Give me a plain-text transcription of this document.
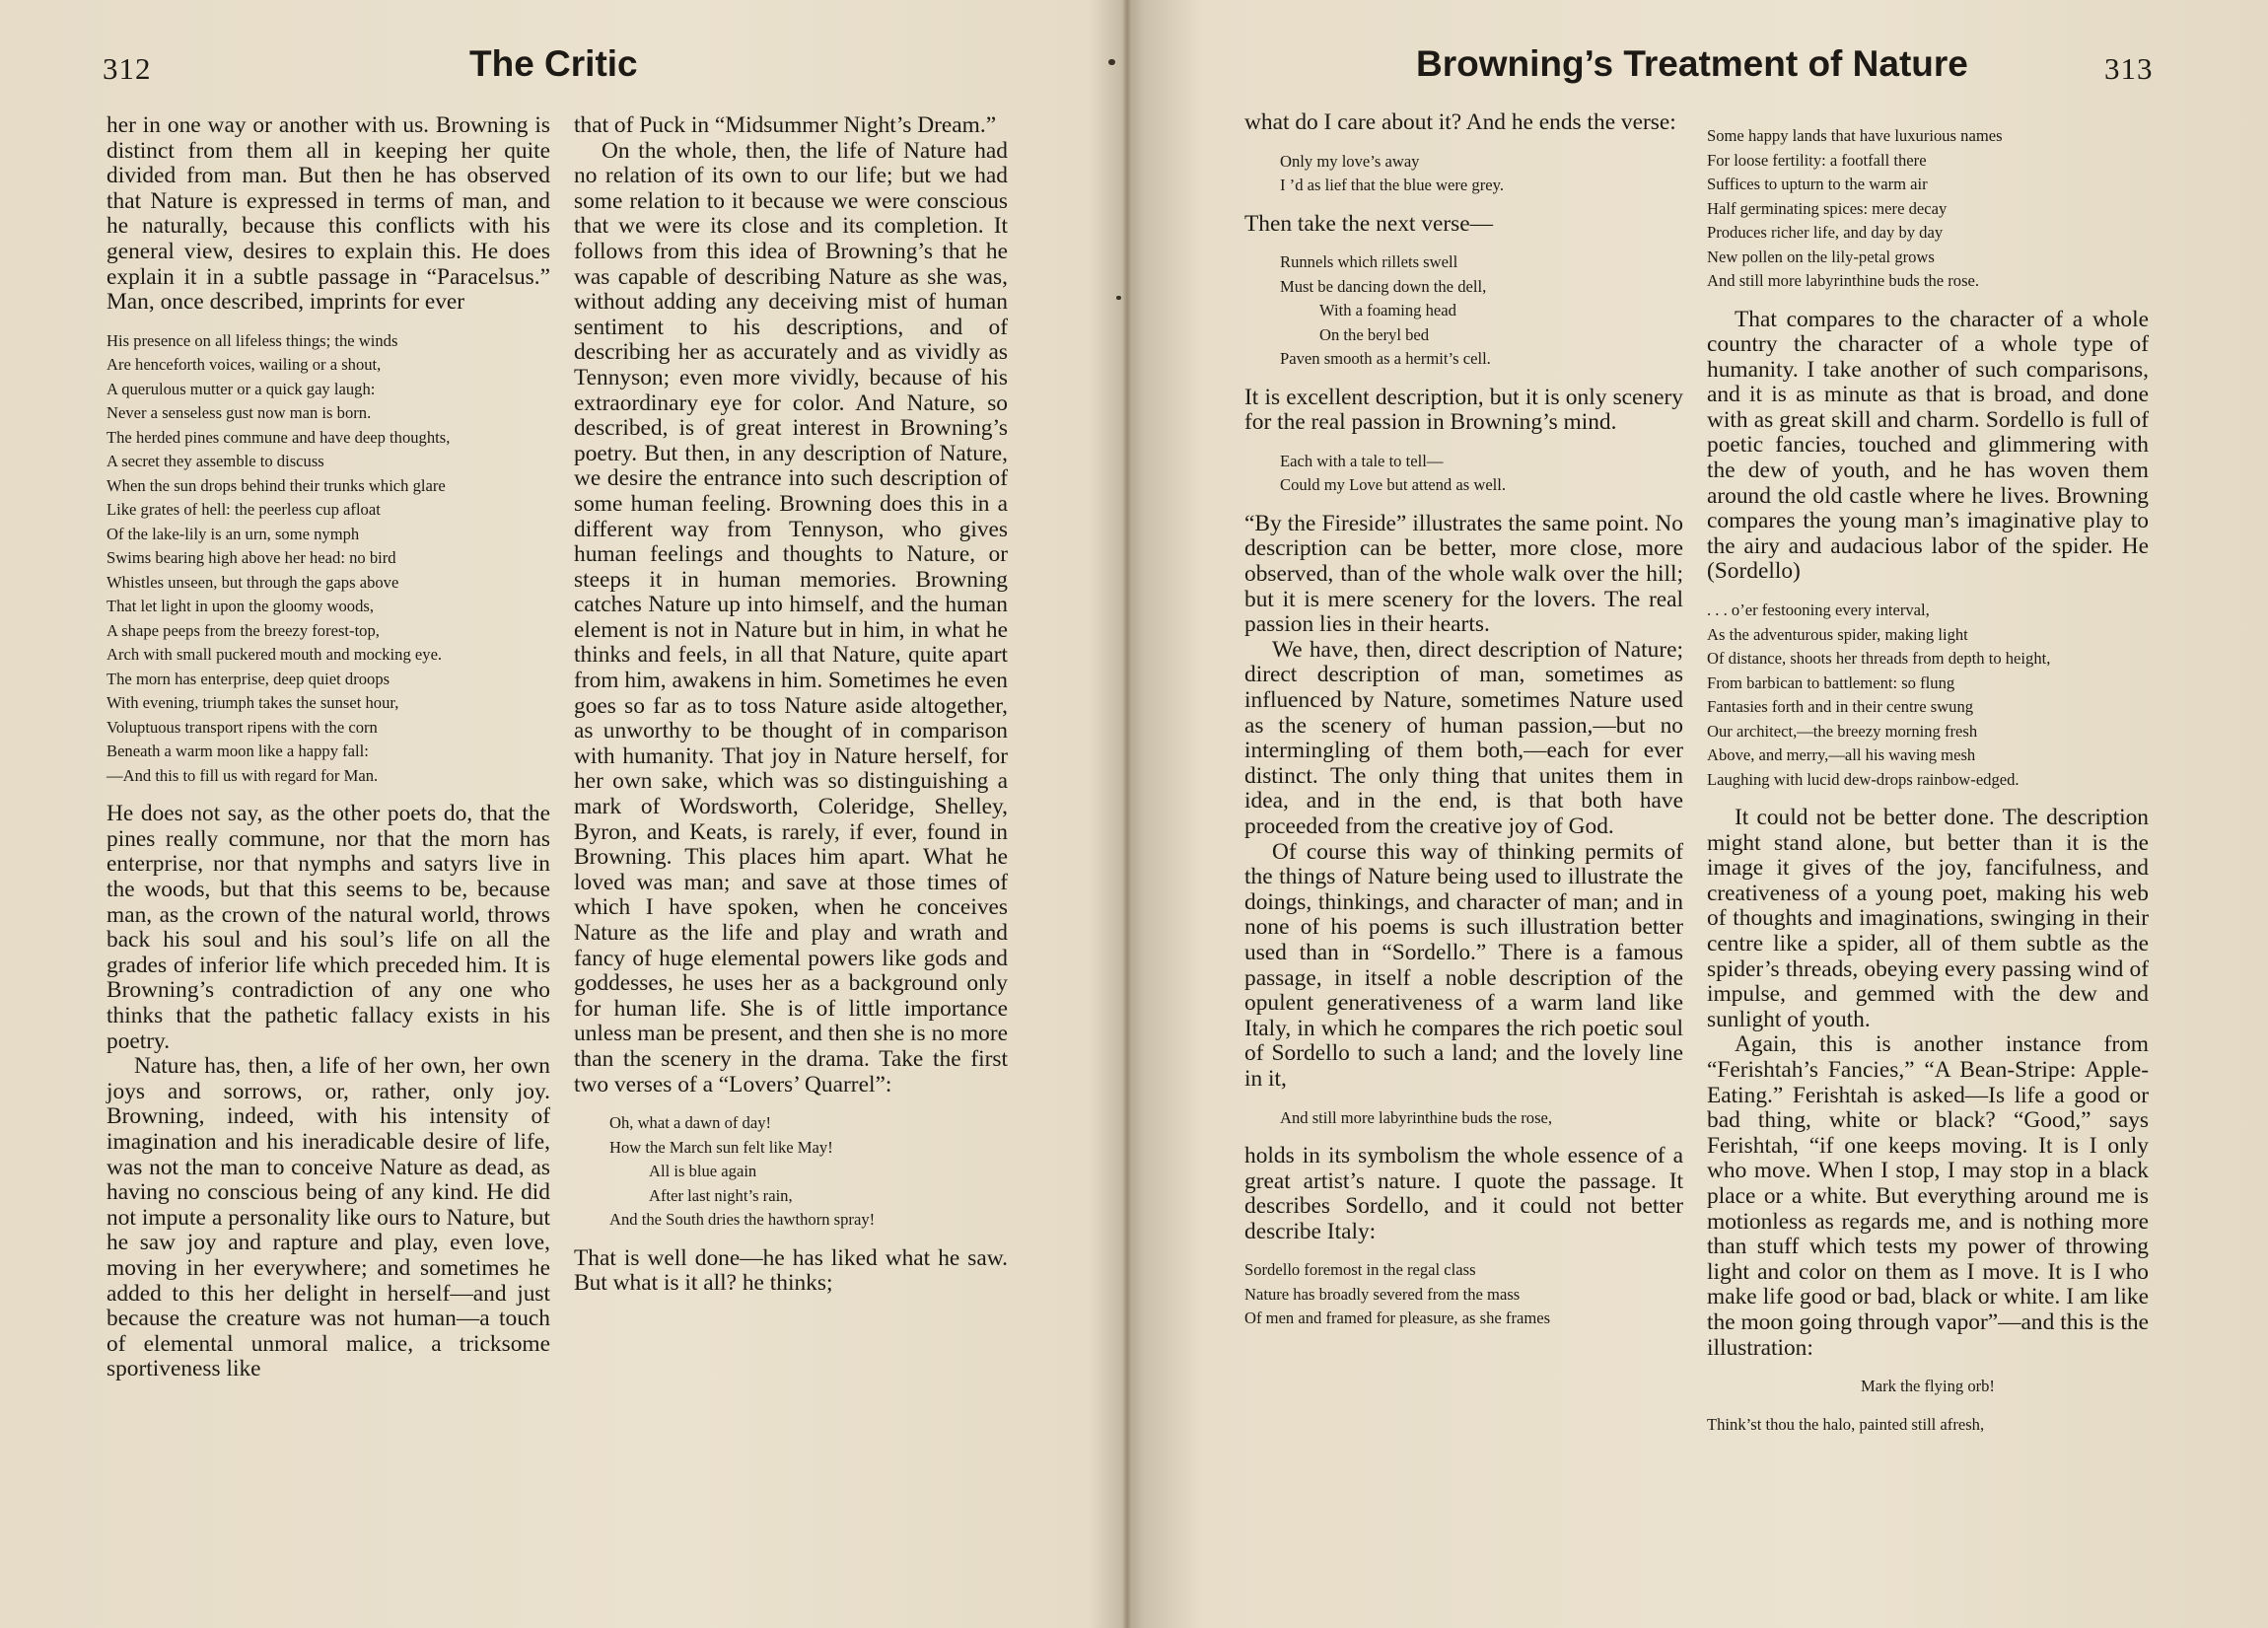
312	The Critic	Browning’s Treatment of Nature	313

her in one way or another with us. Browning is distinct from them all in keeping her quite divided from man. But then he has observed that Nature is expressed in terms of man, and he naturally, because this conflicts with his general view, desires to explain this. He does explain it in a subtle passage in “Paracelsus.” Man, once described, imprints for ever

His presence on all lifeless things; the winds
Are henceforth voices, wailing or a shout,
A querulous mutter or a quick gay laugh:
Never a senseless gust now man is born.
The herded pines commune and have deep thoughts,
A secret they assemble to discuss
When the sun drops behind their trunks which glare
Like grates of hell: the peerless cup afloat
Of the lake-lily is an urn, some nymph
Swims bearing high above her head: no bird
Whistles unseen, but through the gaps above
That let light in upon the gloomy woods,
A shape peeps from the breezy forest-top,
Arch with small puckered mouth and mocking eye.
The morn has enterprise, deep quiet droops
With evening, triumph takes the sunset hour,
Voluptuous transport ripens with the corn
Beneath a warm moon like a happy fall:
—And this to fill us with regard for Man.

He does not say, as the other poets do, that the pines really commune, nor that the morn has enterprise, nor that nymphs and satyrs live in the woods, but that this seems to be, because man, as the crown of the natural world, throws back his soul and his soul’s life on all the grades of inferior life which preceded him. It is Browning’s contradiction of any one who thinks that the pathetic fallacy exists in his poetry.

Nature has, then, a life of her own, her own joys and sorrows, or, rather, only joy. Browning, indeed, with his intensity of imagination and his ineradicable desire of life, was not the man to conceive Nature as dead, as having no conscious being of any kind. He did not impute a personality like ours to Nature, but he saw joy and rapture and play, even love, moving in her everywhere; and sometimes he added to this her delight in herself—and just because the creature was not human—a touch of elemental unmoral malice, a tricksome sportiveness like

that of Puck in “Midsummer Night’s Dream.”

On the whole, then, the life of Nature had no relation of its own to our life; but we had some relation to it because we were conscious that we were its close and its completion. It follows from this idea of Browning’s that he was capable of describing Nature as she was, without adding any deceiving mist of human sentiment to his descriptions, and of describing her as accurately and as vividly as Tennyson; even more vividly, because of his extraordinary eye for color. And Nature, so described, is of great interest in Browning’s poetry. But then, in any description of Nature, we desire the entrance into such description of some human feeling. Browning does this in a different way from Tennyson, who gives human feelings and thoughts to Nature, or steeps it in human memories. Browning catches Nature up into himself, and the human element is not in Nature but in him, in what he thinks and feels, in all that Nature, quite apart from him, awakens in him. Sometimes he even goes so far as to toss Nature aside altogether, as unworthy to be thought of in comparison with humanity. That joy in Nature herself, for her own sake, which was so distinguishing a mark of Wordsworth, Coleridge, Shelley, Byron, and Keats, is rarely, if ever, found in Browning. This places him apart. What he loved was man; and save at those times of which I have spoken, when he conceives Nature as the life and play and wrath and fancy of huge elemental powers like gods and goddesses, he uses her as a background only for human life. She is of little importance unless man be present, and then she is no more than the scenery in the drama. Take the first two verses of a “Lovers’ Quarrel”:

Oh, what a dawn of day!
How the March sun felt like May!
All is blue again
After last night’s rain,
And the South dries the hawthorn spray!

That is well done—he has liked what he saw. But what is it all? he thinks;

what do I care about it? And he ends the verse:

Only my love’s away
I ’d as lief that the blue were grey.

Then take the next verse—

Runnels which rillets swell
Must be dancing down the dell,
With a foaming head
On the beryl bed
Paven smooth as a hermit’s cell.

It is excellent description, but it is only scenery for the real passion in Browning’s mind.

Each with a tale to tell—
Could my Love but attend as well.

“By the Fireside” illustrates the same point. No description can be better, more close, more observed, than of the whole walk over the hill; but it is mere scenery for the lovers. The real passion lies in their hearts.

We have, then, direct description of Nature; direct description of man, sometimes as influenced by Nature, sometimes Nature used as the scenery of human passion,—but no intermingling of them both,—each for ever distinct. The only thing that unites them in idea, and in the end, is that both have proceeded from the creative joy of God.

Of course this way of thinking permits of the things of Nature being used to illustrate the doings, thinkings, and character of man; and in none of his poems is such illustration better used than in “Sordello.” There is a famous passage, in itself a noble description of the opulent generativeness of a warm land like Italy, in which he compares the rich poetic soul of Sordello to such a land; and the lovely line in it,

And still more labyrinthine buds the rose,

holds in its symbolism the whole essence of a great artist’s nature. I quote the passage. It describes Sordello, and it could not better describe Italy:

Sordello foremost in the regal class
Nature has broadly severed from the mass
Of men and framed for pleasure, as she frames
Some happy lands that have luxurious names
For loose fertility: a footfall there
Suffices to upturn to the warm air
Half germinating spices: mere decay
Produces richer life, and day by day
New pollen on the lily-petal grows
And still more labyrinthine buds the rose.

That compares to the character of a whole country the character of a whole type of humanity. I take another of such comparisons, and it is as minute as that is broad, and done with as great skill and charm. Sordello is full of poetic fancies, touched and glimmering with the dew of youth, and he has woven them around the old castle where he lives. Browning compares the young man’s imaginative play to the airy and audacious labor of the spider. He (Sordello)

. . . o’er festooning every interval,
As the adventurous spider, making light
Of distance, shoots her threads from depth to height,
From barbican to battlement: so flung
Fantasies forth and in their centre swung
Our architect,—the breezy morning fresh
Above, and merry,—all his waving mesh
Laughing with lucid dew-drops rainbow-edged.

It could not be better done. The description might stand alone, but better than it is the image it gives of the joy, fancifulness, and creativeness of a young poet, making his web of thoughts and imaginations, swinging in their centre like a spider, all of them subtle as the spider’s threads, obeying every passing wind of impulse, and gemmed with the dew and sunlight of youth.

Again, this is another instance from “Ferishtah’s Fancies,” “A Bean-Stripe: Apple-Eating.” Ferishtah is asked—Is life a good or bad thing, white or black? “Good,” says Ferishtah, “if one keeps moving. It is I only who move. When I stop, I may stop in a black place or a white. But everything around me is motionless as regards me, and is nothing more than stuff which tests my power of throwing light and color on them as I move. It is I who make life good or bad, black or white. I am like the moon going through vapor”—and this is the illustration:

Mark the flying orb!
Think’st thou the halo, painted still afresh,
